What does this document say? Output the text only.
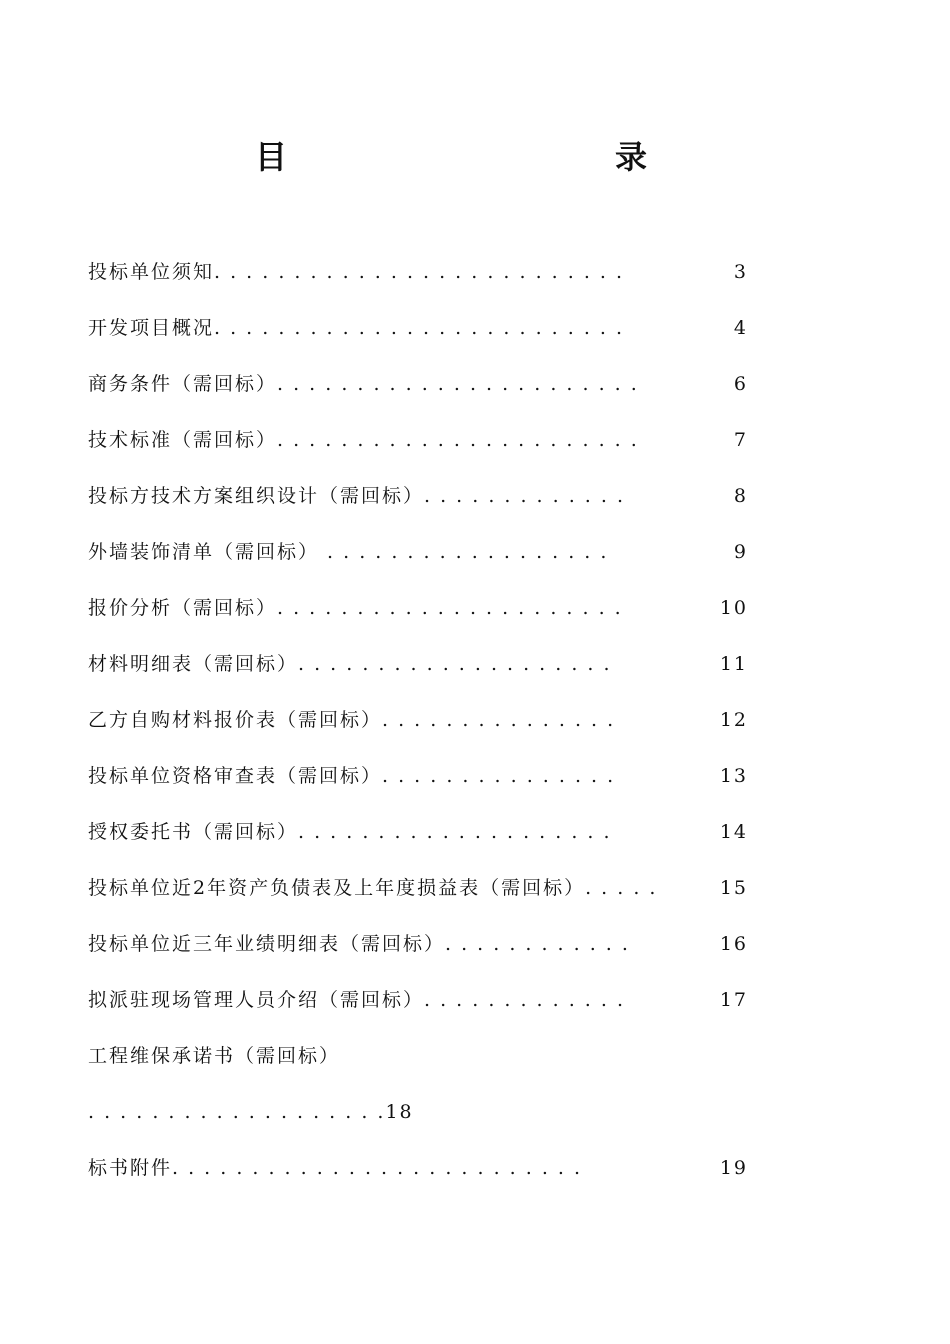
目　　录
投标单位须知. . . . . . . . . . . . . . . . . . . . . . . . . .	3
开发项目概况. . . . . . . . . . . . . . . . . . . . . . . . . .	4
商务条件（需回标）. . . . . . . . . . . . . . . . . . . . . . .	6
技术标准（需回标）. . . . . . . . . . . . . . . . . . . . . . .	7
投标方技术方案组织设计（需回标）. . . . . . . . . . . . .	8
外墙装饰清单（需回标） . . . . . . . . . . . . . . . . . .	9
报价分析（需回标）. . . . . . . . . . . . . . . . . . . . . .	10
材料明细表（需回标）. . . . . . . . . . . . . . . . . . . .	11
乙方自购材料报价表（需回标）. . . . . . . . . . . . . . .	12
投标单位资格审查表（需回标）. . . . . . . . . . . . . . .	13
授权委托书（需回标）. . . . . . . . . . . . . . . . . . . .	14
投标单位近2年资产负债表及上年度损益表（需回标）. . . . .	15
投标单位近三年业绩明细表（需回标）. . . . . . . . . . . .	16
拟派驻现场管理人员介绍（需回标）. . . . . . . . . . . . .	17
工程维保承诺书（需回标）
. . . . . . . . . . . . . . . . . . .18
标书附件. . . . . . . . . . . . . . . . . . . . . . . . . .	19
